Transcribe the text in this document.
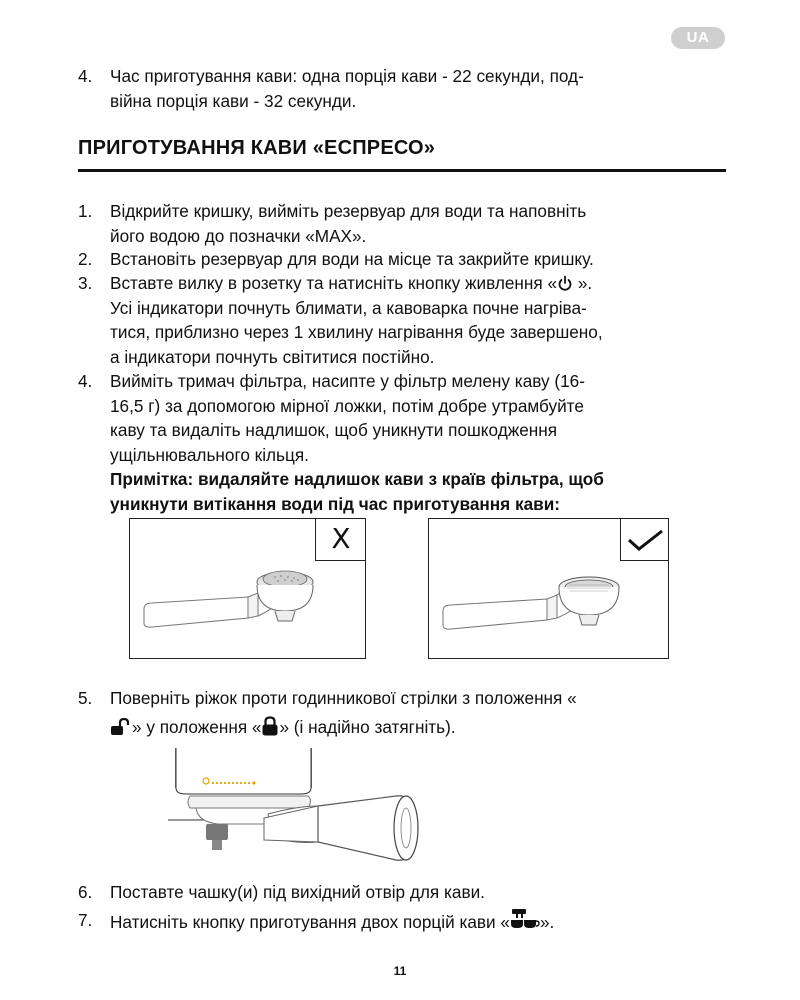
UA
4. Час приготування кави: одна порція кави - 22 секунди, под-
війна порція кави - 32 секунди.
ПРИГОТУВАННЯ КАВИ «ЕСПРЕСО»
1. Відкрийте кришку, вийміть резервуар для води та наповніть
його водою до позначки «MAX».
2. Встановіть резервуар для води на місце та закрийте кришку.
3. Вставте вилку в розетку та натисніть кнопку живлення « ».
Усі індикатори почнуть блимати, а кавоварка почне нагріва-
тися, приблизно через 1 хвилину нагрівання буде завершено,
а індикатори почнуть світитися постійно.
4. Вийміть тримач фільтра, насипте у фільтр мелену каву (16-
16,5 г) за допомогою мірної ложки, потім добре утрамбуйте
каву та видаліть надлишок, щоб уникнути пошкодження
ущільнювального кільця.
Примітка: видаляйте надлишок кави з країв фільтра, щоб
уникнути витікання води під час приготування кави:
X
5. Поверніть ріжок проти годинникової стрілки з положення «
» у положення « » (і надійно затягніть).
6. Поставте чашку(и) під вихідний отвір для кави.
7. Натисніть кнопку приготування двох порцій кави « ».
11
